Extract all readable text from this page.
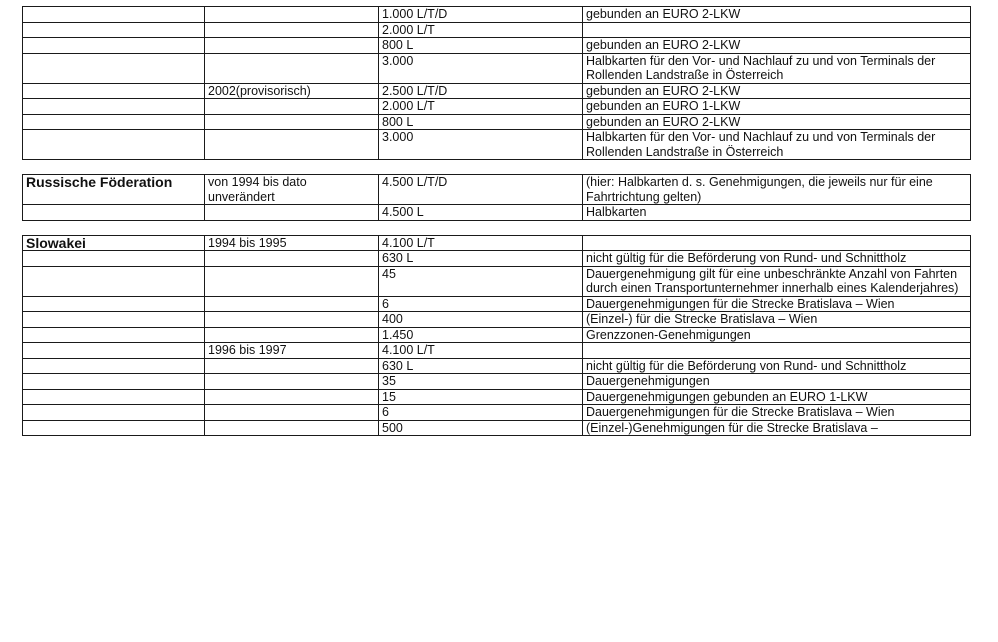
		1.000 L/T/D	gebunden an EURO 2-LKW
		2.000 L/T	
		800 L	gebunden an EURO 2-LKW
		3.000	Halbkarten für den Vor- und Nachlauf zu und von Terminals der Rollenden Landstraße in Österreich
	2002(provisorisch)	2.500 L/T/D	gebunden an EURO 2-LKW
		2.000 L/T	gebunden an EURO 1-LKW
		800 L	gebunden an EURO 2-LKW
		3.000	Halbkarten für den Vor- und Nachlauf zu und von Terminals der Rollenden Landstraße in Österreich

Russische Föderation	von 1994 bis dato unverändert	4.500 L/T/D	(hier: Halbkarten d. s. Genehmigungen, die jeweils nur für eine Fahrtrichtung gelten)
		4.500 L	Halbkarten

Slowakei	1994 bis 1995	4.100 L/T	
		630 L	nicht gültig für die Beförderung von Rund- und Schnittholz
		45	Dauergenehmigung gilt für eine unbeschränkte Anzahl von Fahrten durch einen Transportunternehmer innerhalb eines Kalenderjahres)
		6	Dauergenehmigungen für die Strecke Bratislava – Wien
		400	(Einzel-) für die Strecke Bratislava – Wien
		1.450	Grenzzonen-Genehmigungen
	1996 bis 1997	4.100 L/T	
		630 L	nicht gültig für die Beförderung von Rund- und Schnittholz
		35	Dauergenehmigungen
		15	Dauergenehmigungen gebunden an EURO 1-LKW
		6	Dauergenehmigungen für die Strecke Bratislava – Wien
		500	(Einzel-)Genehmigungen für die Strecke Bratislava –
